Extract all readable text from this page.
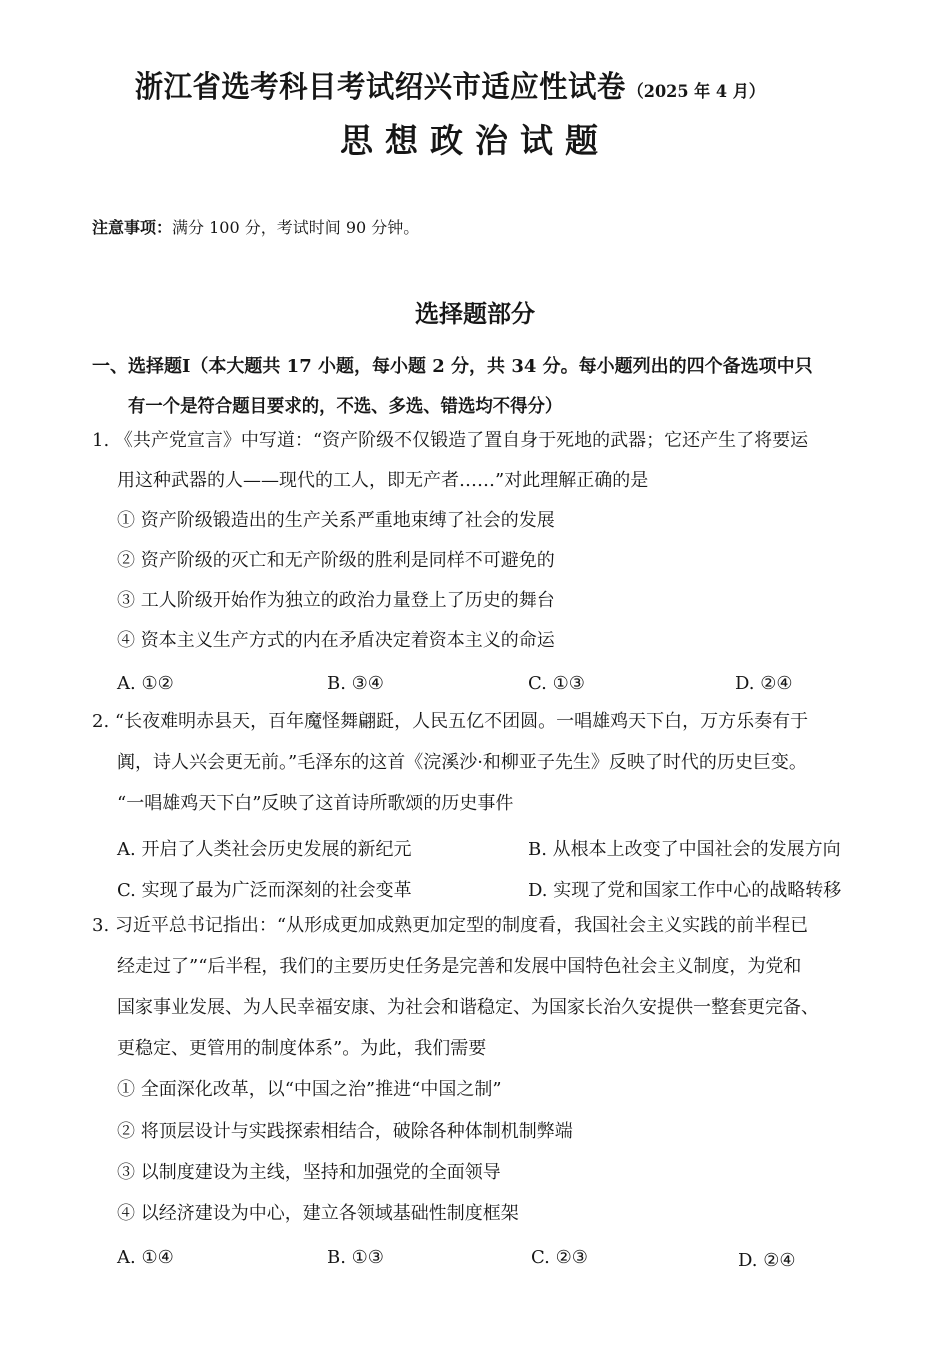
浙江省选考科目考试绍兴市适应性试卷 （2025 年 4 月）
思想政治试题
注意事项：满分 100 分，考试时间 90 分钟。
选择题部分
一、选择题Ⅰ（本大题共 17 小题，每小题 2 分，共 34 分。每小题列出的四个备选项中只
有一个是符合题目要求的，不选、多选、错选均不得分）
1. 《共产党宣言》中写道：“资产阶级不仅锻造了置自身于死地的武器；它还产生了将要运
用这种武器的人——现代的工人，即无产者……”对此理解正确的是
① 资产阶级锻造出的生产关系严重地束缚了社会的发展
② 资产阶级的灭亡和无产阶级的胜利是同样不可避免的
③ 工人阶级开始作为独立的政治力量登上了历史的舞台
④ 资本主义生产方式的内在矛盾决定着资本主义的命运
A. ①②	B. ③④	C. ①③	D. ②④
2. “长夜难明赤县天，百年魔怪舞翩跹，人民五亿不团圆。一唱雄鸡天下白，万方乐奏有于
阗，诗人兴会更无前。”毛泽东的这首《浣溪沙·和柳亚子先生》反映了时代的历史巨变。
“一唱雄鸡天下白”反映了这首诗所歌颂的历史事件
A. 开启了人类社会历史发展的新纪元	B. 从根本上改变了中国社会的发展方向
C. 实现了最为广泛而深刻的社会变革	D. 实现了党和国家工作中心的战略转移
3. 习近平总书记指出：“从形成更加成熟更加定型的制度看，我国社会主义实践的前半程已
经走过了”“后半程，我们的主要历史任务是完善和发展中国特色社会主义制度，为党和
国家事业发展、为人民幸福安康、为社会和谐稳定、为国家长治久安提供一整套更完备、
更稳定、更管用的制度体系”。为此，我们需要
① 全面深化改革，以“中国之治”推进“中国之制”
② 将顶层设计与实践探索相结合，破除各种体制机制弊端
③ 以制度建设为主线，坚持和加强党的全面领导
④ 以经济建设为中心，建立各领域基础性制度框架
A. ①④	B. ①③	C. ②③	D. ②④
